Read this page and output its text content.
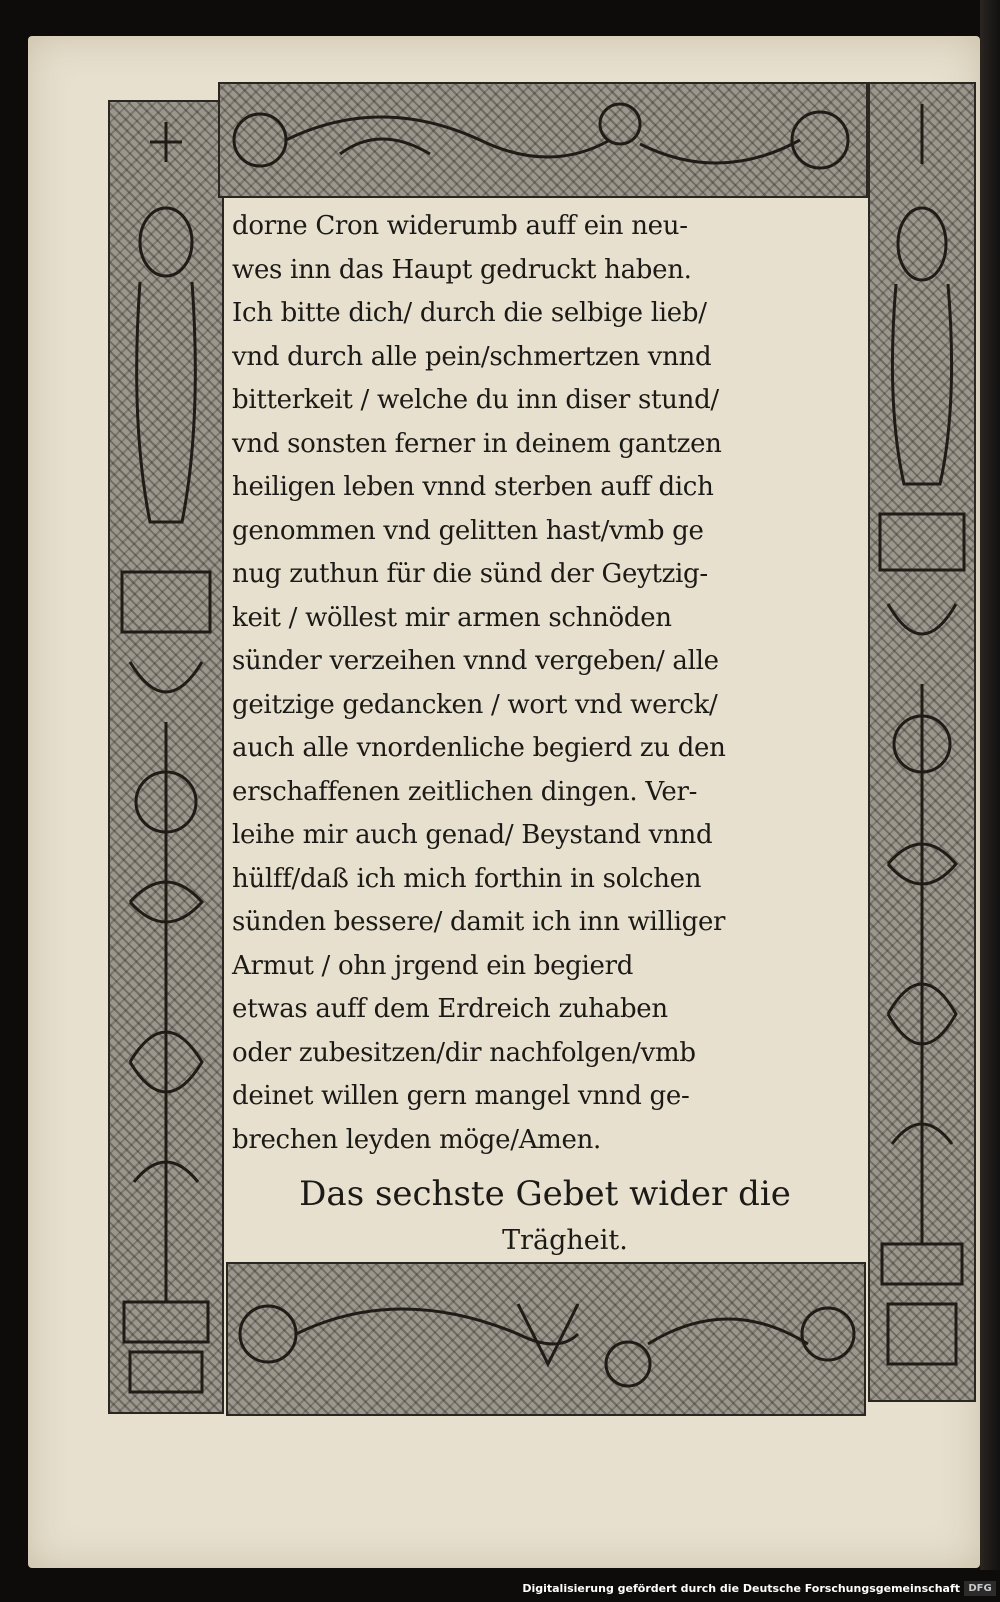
dorne Cron widerumb auff ein neu-
wes inn das Haupt gedruckt haben.
Ich bitte dich/ durch die selbige lieb/
vnd durch alle pein/schmertzen vnnd
bitterkeit / welche du inn diser stund/
vnd sonsten ferner in deinem gantzen
heiligen leben vnnd sterben auff dich
genommen vnd gelitten hast/vmb ge
nug zuthun für die sünd der Geytzig-
keit / wöllest mir armen schnöden
sünder verzeihen vnnd vergeben/ alle
geitzige gedancken / wort vnd werck/
auch alle vnordenliche begierd zu den
erschaffenen zeitlichen dingen. Ver-
leihe mir auch genad/ Beystand vnnd
hülff/daß ich mich forthin in solchen
sünden bessere/ damit ich inn williger
Armut / ohn jrgend ein begierd
etwas auff dem Erdreich zuhaben
oder zubesitzen/dir nachfolgen/vmb
deinet willen gern mangel vnnd ge-
brechen leyden möge/Amen.
Das sechste Gebet wider die
Trägheit.
Digitalisierung gefördert durch die Deutsche Forschungsgemeinschaft DFG
